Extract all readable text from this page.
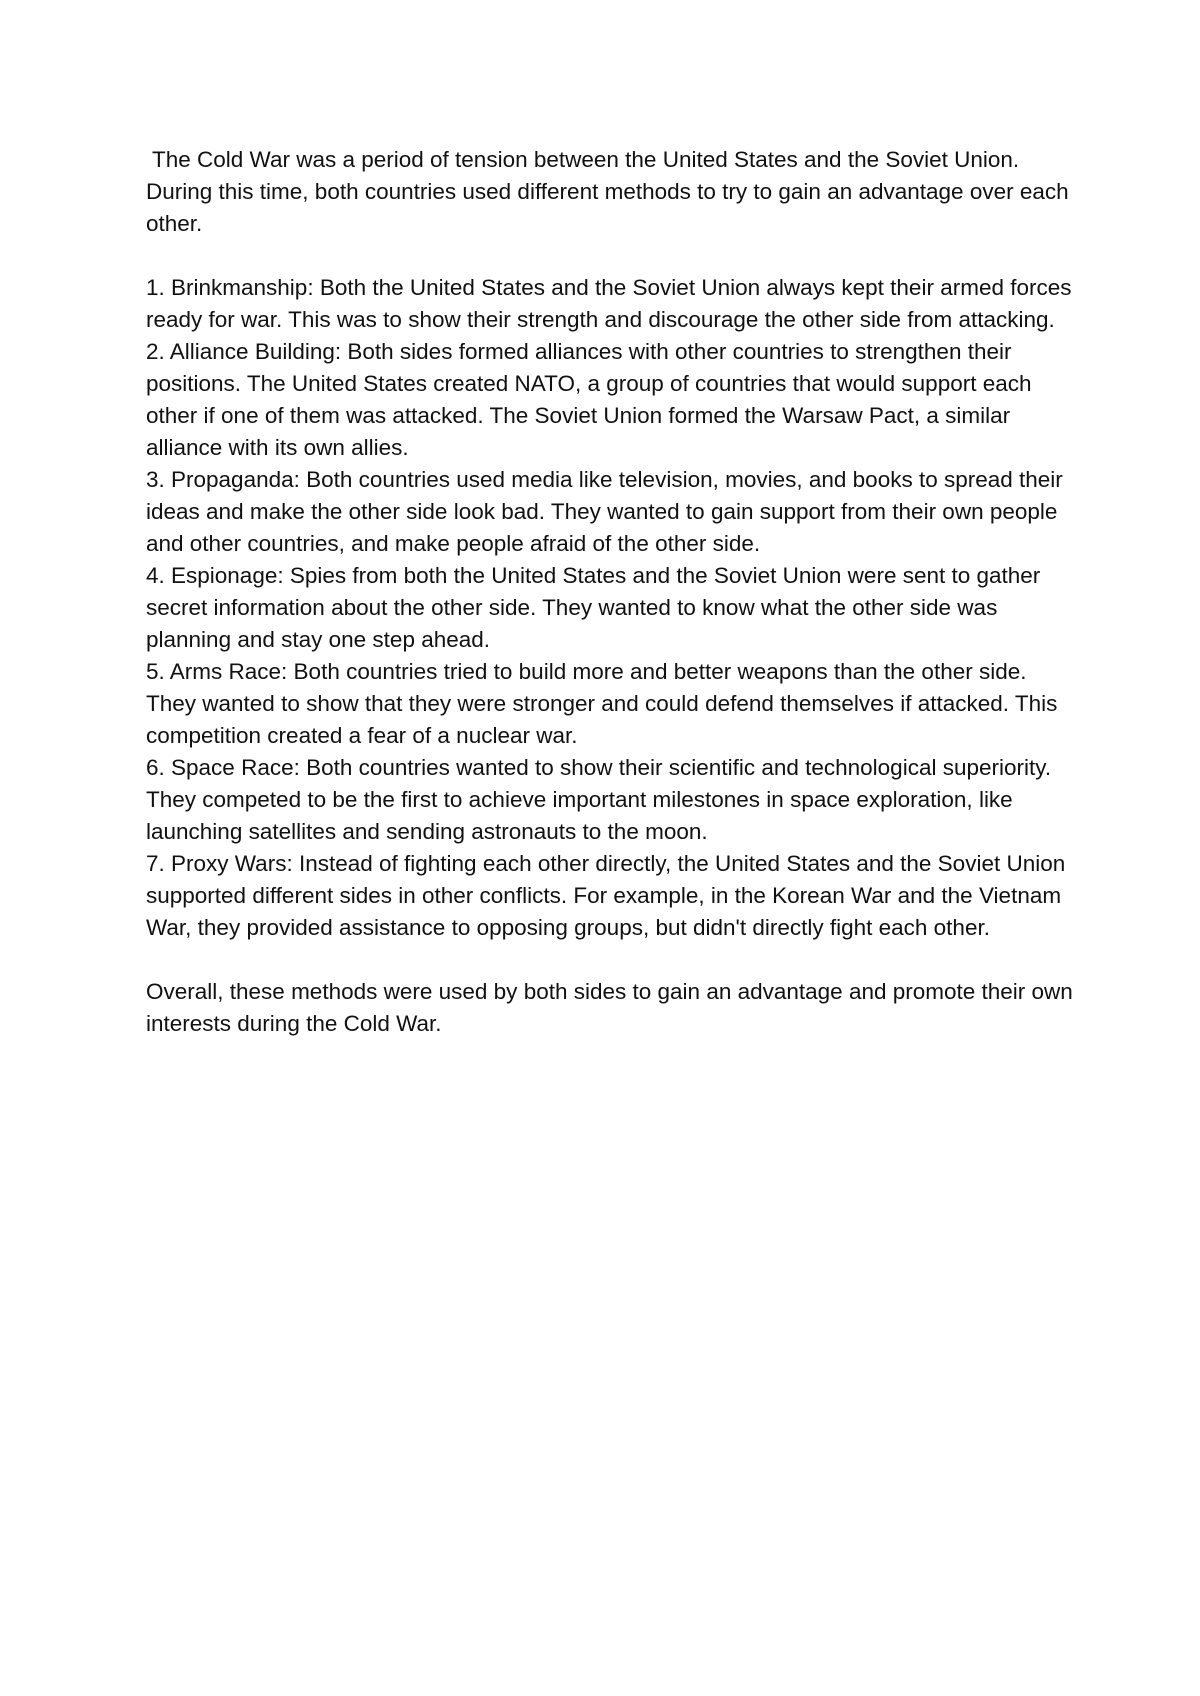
The Cold War was a period of tension between the United States and the Soviet Union. During this time, both countries used different methods to try to gain an advantage over each other.

1. Brinkmanship: Both the United States and the Soviet Union always kept their armed forces ready for war. This was to show their strength and discourage the other side from attacking.
2. Alliance Building: Both sides formed alliances with other countries to strengthen their positions. The United States created NATO, a group of countries that would support each other if one of them was attacked. The Soviet Union formed the Warsaw Pact, a similar alliance with its own allies.
3. Propaganda: Both countries used media like television, movies, and books to spread their ideas and make the other side look bad. They wanted to gain support from their own people and other countries, and make people afraid of the other side.
4. Espionage: Spies from both the United States and the Soviet Union were sent to gather secret information about the other side. They wanted to know what the other side was planning and stay one step ahead.
5. Arms Race: Both countries tried to build more and better weapons than the other side. They wanted to show that they were stronger and could defend themselves if attacked. This competition created a fear of a nuclear war.
6. Space Race: Both countries wanted to show their scientific and technological superiority. They competed to be the first to achieve important milestones in space exploration, like launching satellites and sending astronauts to the moon.
7. Proxy Wars: Instead of fighting each other directly, the United States and the Soviet Union supported different sides in other conflicts. For example, in the Korean War and the Vietnam War, they provided assistance to opposing groups, but didn't directly fight each other.

Overall, these methods were used by both sides to gain an advantage and promote their own interests during the Cold War.
